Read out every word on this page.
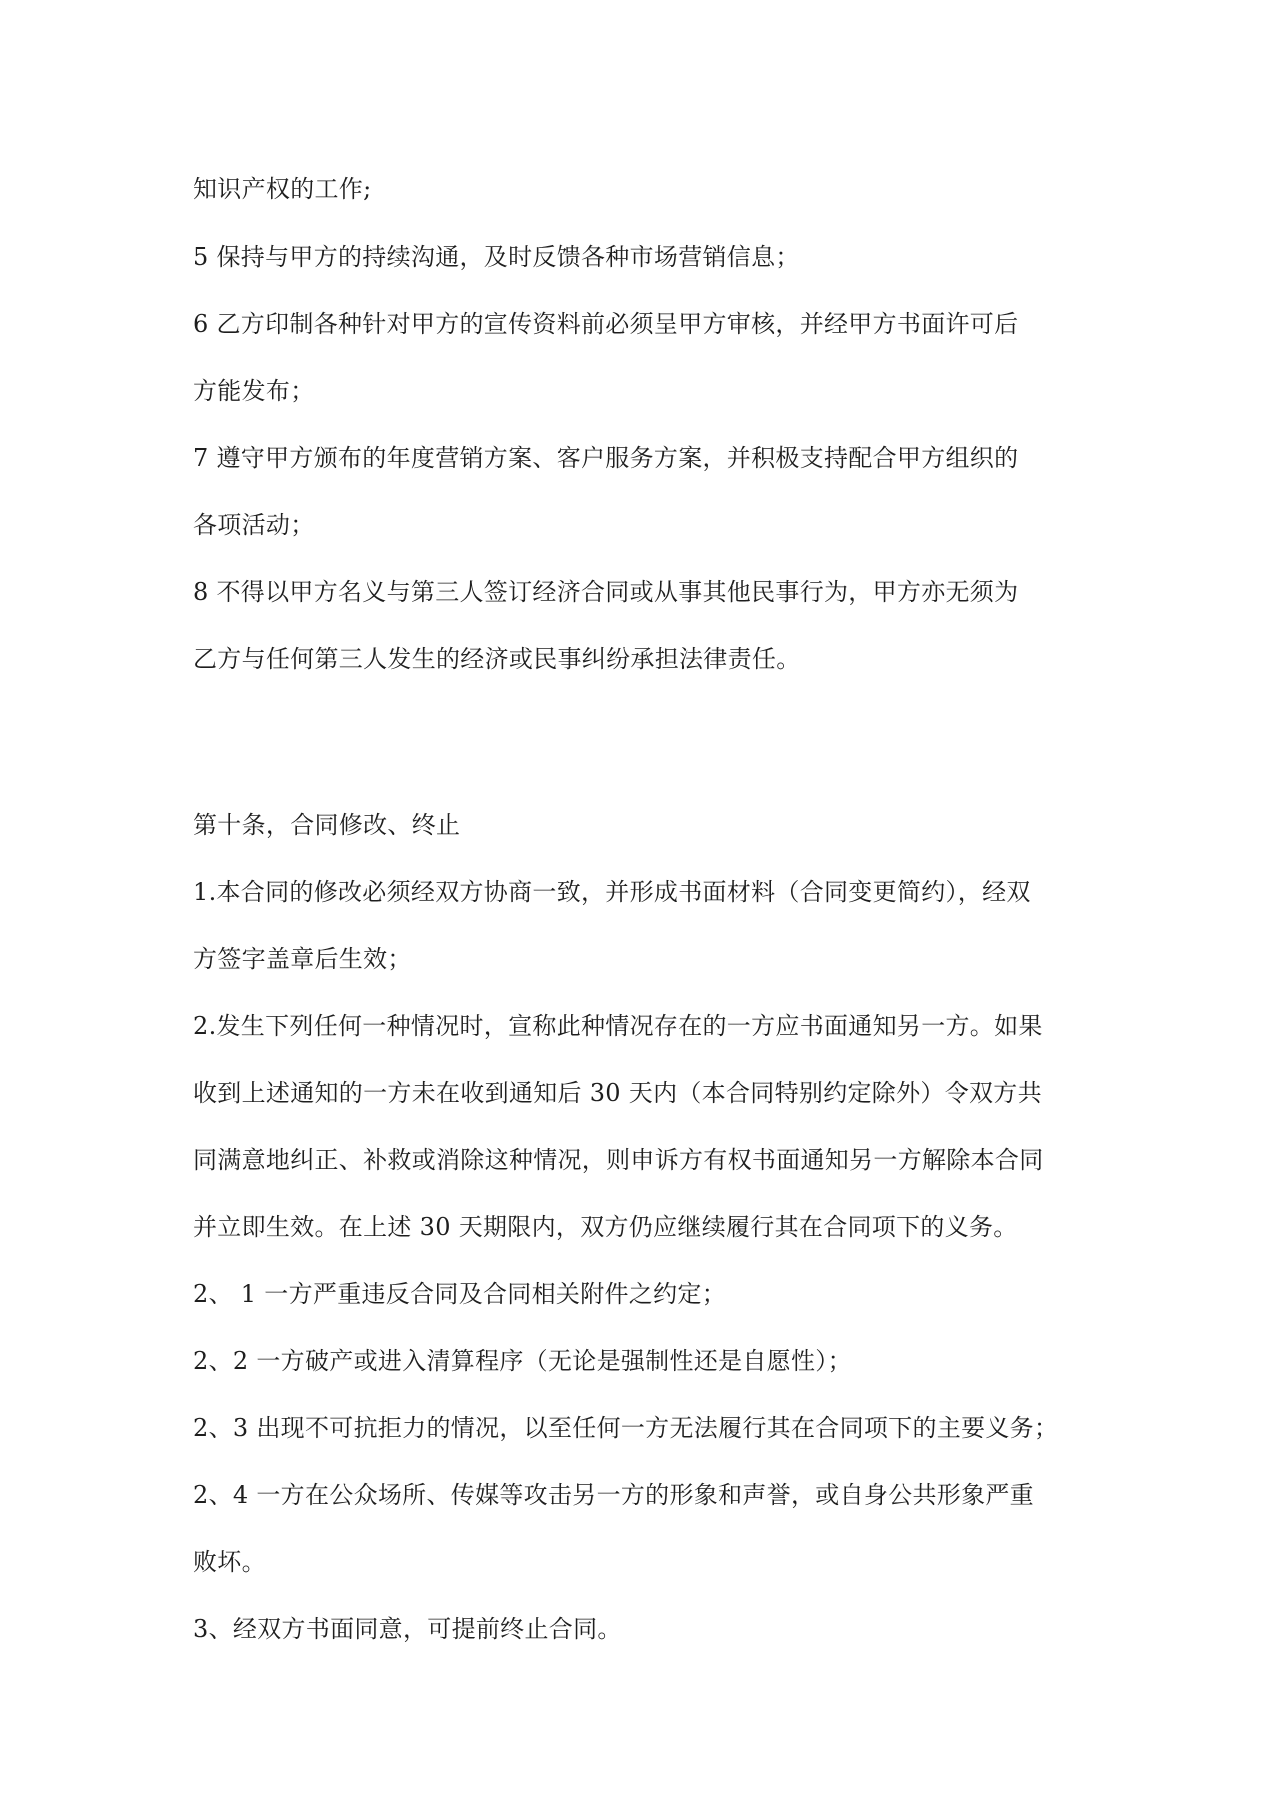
知识产权的工作;
5 保持与甲方的持续沟通，及时反馈各种市场营销信息；
6 乙方印制各种针对甲方的宣传资料前必须呈甲方审核，并经甲方书面许可后
方能发布；
7 遵守甲方颁布的年度营销方案、客户服务方案，并积极支持配合甲方组织的
各项活动；
8 不得以甲方名义与第三人签订经济合同或从事其他民事行为，甲方亦无须为
乙方与任何第三人发生的经济或民事纠纷承担法律责任。
第十条，合同修改、终止
1.本合同的修改必须经双方协商一致，并形成书面材料（合同变更简约），经双
方签字盖章后生效；
2.发生下列任何一种情况时，宣称此种情况存在的一方应书面通知另一方。如果
收到上述通知的一方未在收到通知后 30 天内（本合同特别约定除外）令双方共
同满意地纠正、补救或消除这种情况，则申诉方有权书面通知另一方解除本合同
并立即生效。在上述 30 天期限内，双方仍应继续履行其在合同项下的义务。
2、 1 一方严重违反合同及合同相关附件之约定；
2、2 一方破产或进入清算程序（无论是强制性还是自愿性）；
2、3 出现不可抗拒力的情况，以至任何一方无法履行其在合同项下的主要义务；
2、4 一方在公众场所、传媒等攻击另一方的形象和声誉，或自身公共形象严重
败坏。
3、经双方书面同意，可提前终止合同。
